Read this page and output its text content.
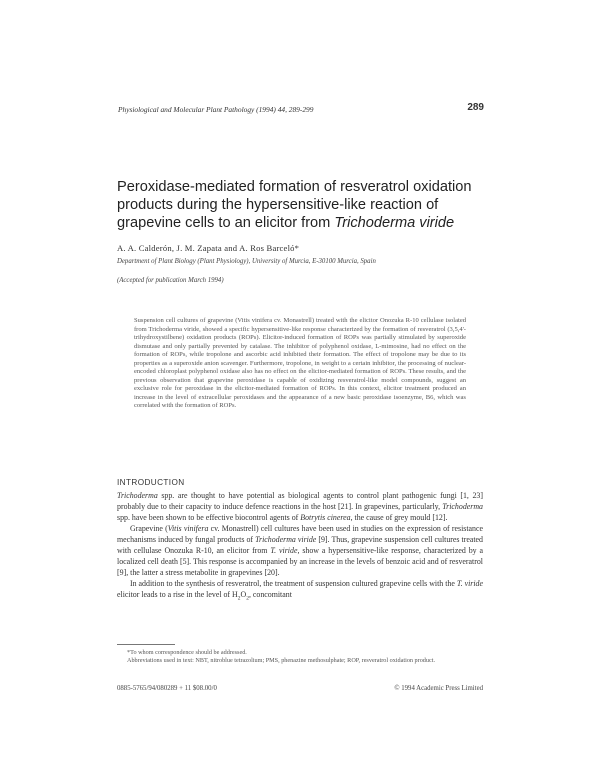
Physiological and Molecular Plant Pathology (1994) 44, 289-299	289
Peroxidase-mediated formation of resveratrol oxidation products during the hypersensitive-like reaction of grapevine cells to an elicitor from Trichoderma viride
A. A. Calderón, J. M. Zapata and A. Ros Barceló*
Department of Plant Biology (Plant Physiology), University of Murcia, E-30100 Murcia, Spain
(Accepted for publication March 1994)
Suspension cell cultures of grapevine (Vitis vinifera cv. Monastrell) treated with the elicitor Onozuka R-10 cellulase isolated from Trichoderma viride, showed a specific hypersensitive-like response characterized by the formation of resveratrol (3,5,4'-trihydroxystilbene) oxidation products (ROPs). Elicitor-induced formation of ROPs was partially stimulated by superoxide dismutase and only partially prevented by catalase. The inhibitor of polyphenol oxidase, L-mimosine, had no effect on the formation of ROPs, while tropolone and ascorbic acid inhibited their formation. The effect of tropolone may be due to its properties as a superoxide anion scavenger. Furthermore, tropolone, in weight to a certain inhibitor, the processing of nuclear-encoded chloroplast polyphenol oxidase also has no effect on the elicitor-mediated formation of ROPs. These results, and the previous observation that grapevine peroxidase is capable of oxidizing resveratrol-like model compounds, suggest an exclusive role for peroxidase in the elicitor-mediated formation of ROPs. In this context, elicitor treatment produced an increase in the level of extracellular peroxidases and the appearance of a new basic peroxidase isoenzyme, B6, which was correlated with the formation of ROPs.
INTRODUCTION

Trichoderma spp. are thought to have potential as biological agents to control plant pathogenic fungi [1, 23] probably due to their capacity to induce defence reactions in the host [21]. In grapevines, particularly, Trichoderma spp. have been shown to be effective biocontrol agents of Botrytis cinerea, the cause of grey mould [12].

Grapevine (Vitis vinifera cv. Monastrell) cell cultures have been used in studies on the expression of resistance mechanisms induced by fungal products of Trichoderma viride [9]. Thus, grapevine suspension cell cultures treated with cellulase Onozuka R-10, an elicitor from T. viride, show a hypersensitive-like response, characterized by a localized cell death [5]. This response is accompanied by an increase in the levels of benzoic acid and of resveratrol [9], the latter a stress metabolite in grapevines [20].

In addition to the synthesis of resveratrol, the treatment of suspension cultured grapevine cells with the T. viride elicitor leads to a rise in the level of $H_2O_2$, concomitant

*To whom correspondence should be addressed.
Abbreviations used in text: NBT, nitroblue tetrazolium; PMS, phenazine methosulphate; ROP, resveratrol oxidation product.
0885-5765/94/080289 + 11 $08.00/0	© 1994 Academic Press Limited
